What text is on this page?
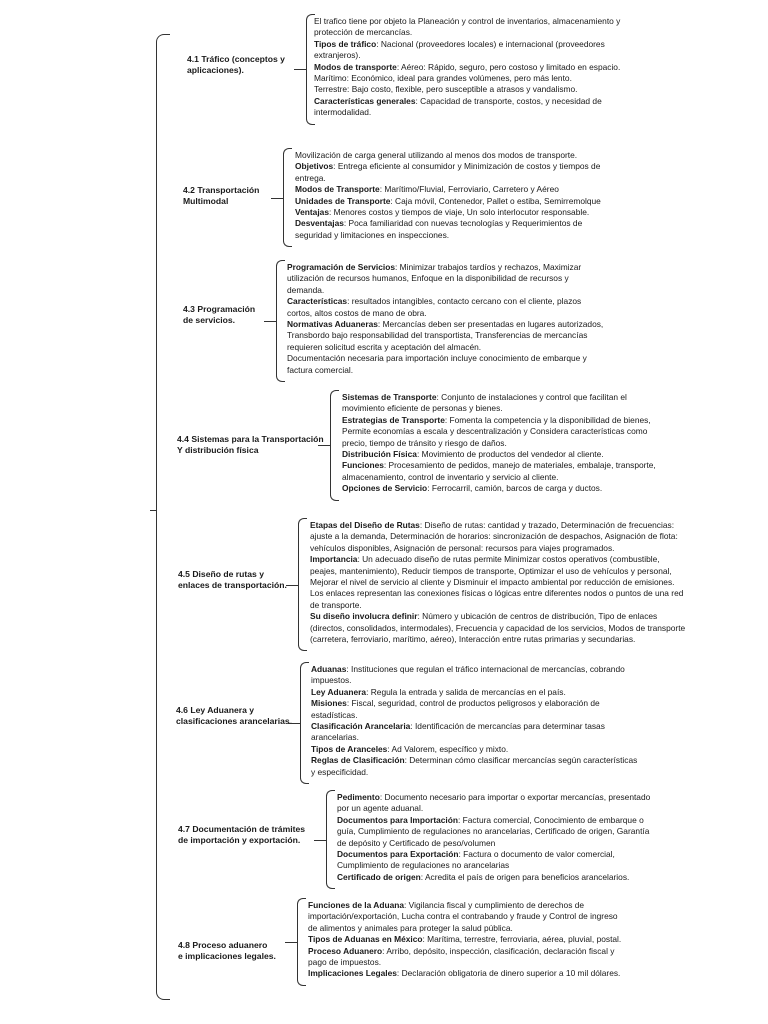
4.1 Tráfico (conceptos y
aplicaciones).
El trafico tiene por objeto la Planeación y control de inventarios, almacenamiento y
protección de mercancías.
Tipos de tráfico: Nacional (proveedores locales) e internacional (proveedores
extranjeros).
Modos de transporte: Aéreo: Rápido, seguro, pero costoso y limitado en espacio.
Marítimo: Económico, ideal para grandes volúmenes, pero más lento.
Terrestre: Bajo costo, flexible, pero susceptible a atrasos y vandalismo.
Características generales: Capacidad de transporte, costos, y necesidad de
intermodalidad.
4.2 Transportación
Multimodal
Movilización de carga general utilizando al menos dos modos de transporte.
Objetivos: Entrega eficiente al consumidor y Minimización de costos y tiempos de
entrega.
Modos de Transporte: Marítimo/Fluvial, Ferroviario, Carretero y Aéreo
Unidades de Transporte: Caja móvil, Contenedor, Pallet o estiba, Semirremolque
Ventajas: Menores costos y tiempos de viaje, Un solo interlocutor responsable.
Desventajas: Poca familiaridad con nuevas tecnologías y Requerimientos de
seguridad y limitaciones en inspecciones.
4.3 Programación
de servicios.
Programación de Servicios: Minimizar trabajos tardíos y rechazos, Maximizar
utilización de recursos humanos, Enfoque en la disponibilidad de recursos y
demanda.
Características: resultados intangibles, contacto cercano con el cliente, plazos
cortos, altos costos de mano de obra.
Normativas Aduaneras: Mercancías deben ser presentadas en lugares autorizados,
Transbordo bajo responsabilidad del transportista, Transferencias de mercancías
requieren solicitud escrita y aceptación del almacén.
Documentación necesaria para importación incluye conocimiento de embarque y
factura comercial.
4.4 Sistemas para la Transportación
Y distribución física
Sistemas de Transporte: Conjunto de instalaciones y control que facilitan el
movimiento eficiente de personas y bienes.
Estrategias de Transporte: Fomenta la competencia y la disponibilidad de bienes,
Permite economías a escala y descentralización y Considera características como
precio, tiempo de tránsito y riesgo de daños.
Distribución Física: Movimiento de productos del vendedor al cliente.
Funciones: Procesamiento de pedidos, manejo de materiales, embalaje, transporte,
almacenamiento, control de inventario y servicio al cliente.
Opciones de Servicio: Ferrocarril, camión, barcos de carga y ductos.
4.5 Diseño de rutas y
enlaces de transportación.
Etapas del Diseño de Rutas: Diseño de rutas: cantidad y trazado, Determinación de frecuencias:
ajuste a la demanda, Determinación de horarios: sincronización de despachos, Asignación de flota:
vehículos disponibles, Asignación de personal: recursos para viajes programados.
Importancia: Un adecuado diseño de rutas permite Minimizar costos operativos (combustible,
peajes, mantenimiento), Reducir tiempos de transporte, Optimizar el uso de vehículos y personal,
Mejorar el nivel de servicio al cliente y Disminuir el impacto ambiental por reducción de emisiones.
Los enlaces representan las conexiones físicas o lógicas entre diferentes nodos o puntos de una red
de transporte.
Su diseño involucra definir: Número y ubicación de centros de distribución, Tipo de enlaces
(directos, consolidados, intermodales), Frecuencia y capacidad de los servicios, Modos de transporte
(carretera, ferroviario, marítimo, aéreo), Interacción entre rutas primarias y secundarias.
4.6 Ley Aduanera y
clasificaciones arancelarias.
Aduanas: Instituciones que regulan el tráfico internacional de mercancías, cobrando
impuestos.
Ley Aduanera: Regula la entrada y salida de mercancías en el país.
Misiones: Fiscal, seguridad, control de productos peligrosos y elaboración de
estadísticas.
Clasificación Arancelaria: Identificación de mercancías para determinar tasas
arancelarias.
Tipos de Aranceles: Ad Valorem, específico y mixto.
Reglas de Clasificación: Determinan cómo clasificar mercancías según características
y especificidad.
4.7 Documentación de trámites
de importación y exportación.
Pedimento: Documento necesario para importar o exportar mercancías, presentado
por un agente aduanal.
Documentos para Importación: Factura comercial, Conocimiento de embarque o
guía, Cumplimiento de regulaciones no arancelarias, Certificado de origen, Garantía
de depósito y Certificado de peso/volumen
Documentos para Exportación: Factura o documento de valor comercial,
Cumplimiento de regulaciones no arancelarias
Certificado de origen: Acredita el país de origen para beneficios arancelarios.
4.8 Proceso aduanero
e implicaciones legales.
Funciones de la Aduana: Vigilancia fiscal y cumplimiento de derechos de
importación/exportación, Lucha contra el contrabando y fraude y Control de ingreso
de alimentos y animales para proteger la salud pública.
Tipos de Aduanas en México: Marítima, terrestre, ferroviaria, aérea, pluvial, postal.
Proceso Aduanero: Arribo, depósito, inspección, clasificación, declaración fiscal y
pago de impuestos.
Implicaciones Legales: Declaración obligatoria de dinero superior a 10 mil dólares.
